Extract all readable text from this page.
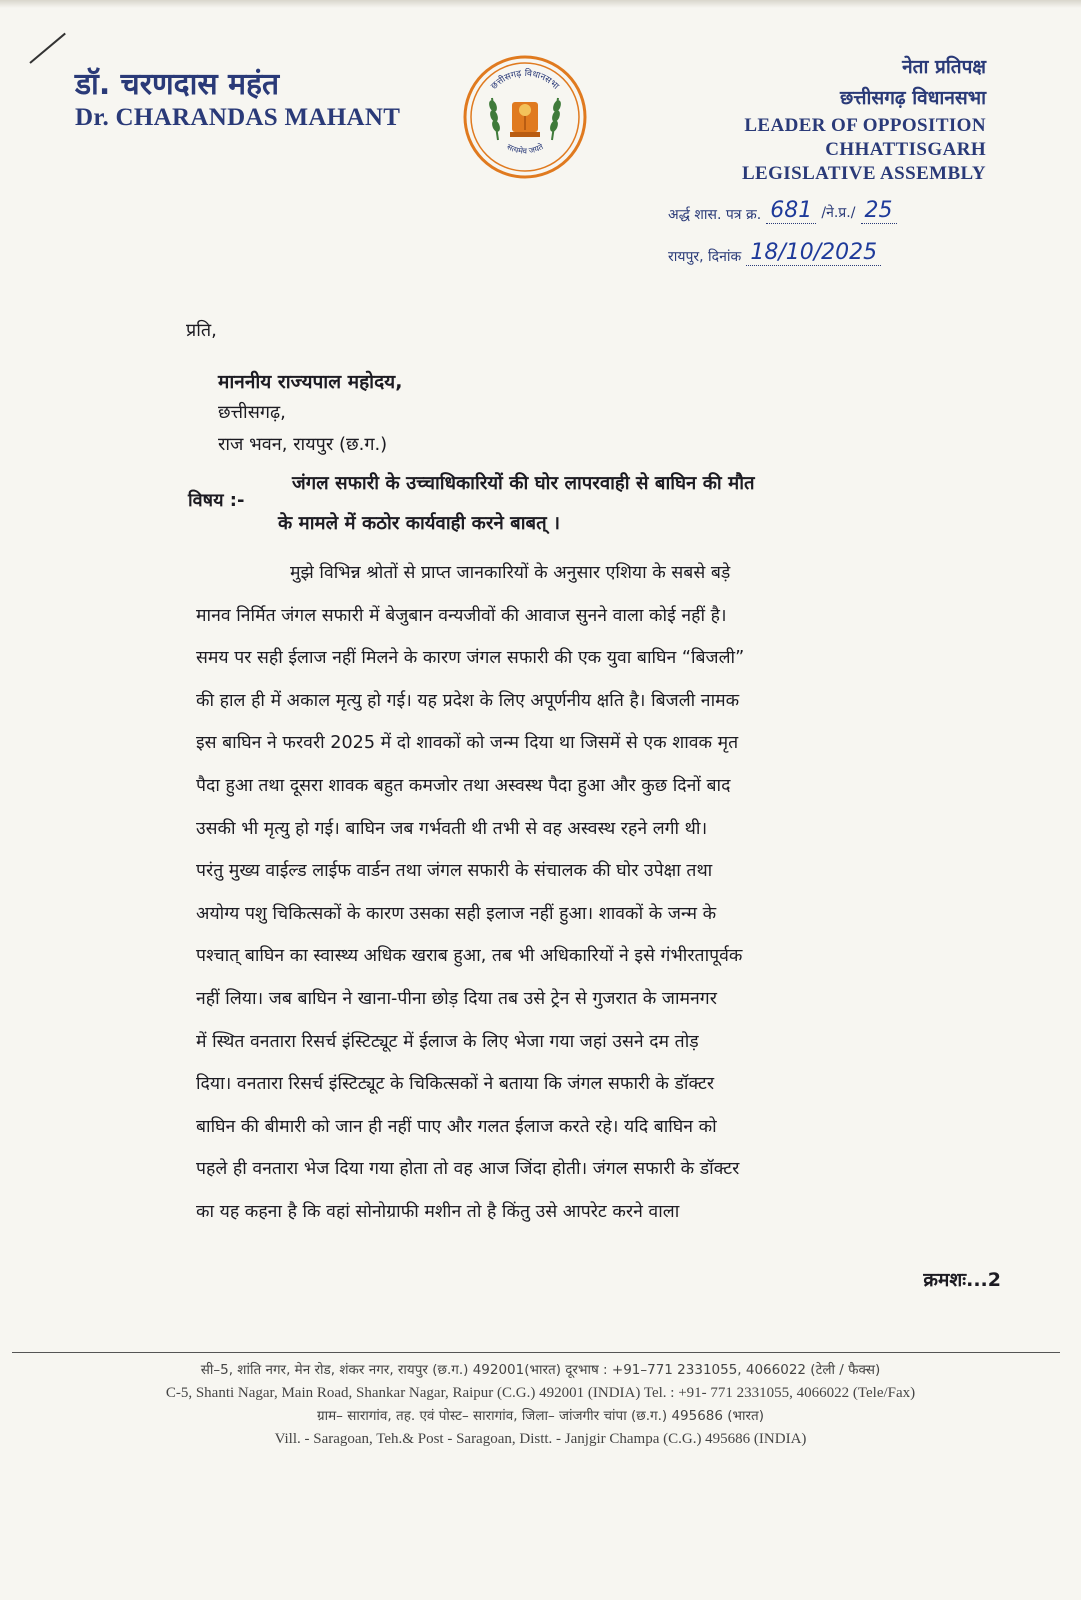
डॉ. चरणदास महंत
Dr. CHARANDAS MAHANT
छत्तीसगढ़ विधानसभा
सत्यमेव जयते
नेता प्रतिपक्ष
छत्तीसगढ़ विधानसभा
LEADER OF OPPOSITION
CHHATTISGARH
LEGISLATIVE ASSEMBLY
अर्द्ध शास. पत्र क्र. 681 /ने.प्र./ 25
रायपुर, दिनांक 18/10/2025
प्रति,
माननीय राज्यपाल महोदय,
छत्तीसगढ़,
राज भवन, रायपुर (छ.ग.)
विषय :-
जंगल सफारी के उच्चाधिकारियों की घोर लापरवाही से बाघिन की मौत
के मामले में कठोर कार्यवाही करने बाबत् ।
मुझे विभिन्न श्रोतों से प्राप्त जानकारियों के अनुसार एशिया के सबसे बड़े
मानव निर्मित जंगल सफारी में बेजुबान वन्यजीवों की आवाज सुनने वाला कोई नहीं है।
समय पर सही ईलाज नहीं मिलने के कारण जंगल सफारी की एक युवा बाघिन “बिजली”
की हाल ही में अकाल मृत्यु हो गई। यह प्रदेश के लिए अपूर्णनीय क्षति है। बिजली नामक
इस बाघिन ने फरवरी 2025 में दो शावकों को जन्म दिया था जिसमें से एक शावक मृत
पैदा हुआ तथा दूसरा शावक बहुत कमजोर तथा अस्वस्थ पैदा हुआ और कुछ दिनों बाद
उसकी भी मृत्यु हो गई। बाघिन जब गर्भवती थी तभी से वह अस्वस्थ रहने लगी थी।
परंतु मुख्य वाईल्ड लाईफ वार्डन तथा जंगल सफारी के संचालक की घोर उपेक्षा तथा
अयोग्य पशु चिकित्सकों के कारण उसका सही इलाज नहीं हुआ। शावकों के जन्म के
पश्चात् बाघिन का स्वास्थ्य अधिक खराब हुआ, तब भी अधिकारियों ने इसे गंभीरतापूर्वक
नहीं लिया। जब बाघिन ने खाना-पीना छोड़ दिया तब उसे ट्रेन से गुजरात के जामनगर
में स्थित वनतारा रिसर्च इंस्टिट्यूट में ईलाज के लिए भेजा गया जहां उसने दम तोड़
दिया। वनतारा रिसर्च इंस्टिट्यूट के चिकित्सकों ने बताया कि जंगल सफारी के डॉक्टर
बाघिन की बीमारी को जान ही नहीं पाए और गलत ईलाज करते रहे। यदि बाघिन को
पहले ही वनतारा भेज दिया गया होता तो वह आज जिंदा होती। जंगल सफारी के डॉक्टर
का यह कहना है कि वहां सोनोग्राफी मशीन तो है किंतु उसे आपरेट करने वाला
क्रमशः...2
सी–5, शांति नगर, मेन रोड, शंकर नगर, रायपुर (छ.ग.) 492001(भारत) दूरभाष : +91–771 2331055, 4066022 (टेली / फैक्स)
C-5, Shanti Nagar, Main Road, Shankar Nagar, Raipur (C.G.) 492001 (INDIA) Tel. : +91- 771 2331055, 4066022 (Tele/Fax)
ग्राम– सारागांव, तह. एवं पोस्ट– सारागांव, जिला– जांजगीर चांपा (छ.ग.) 495686 (भारत)
Vill. - Saragoan, Teh.& Post - Saragoan, Distt. - Janjgir Champa (C.G.) 495686 (INDIA)
